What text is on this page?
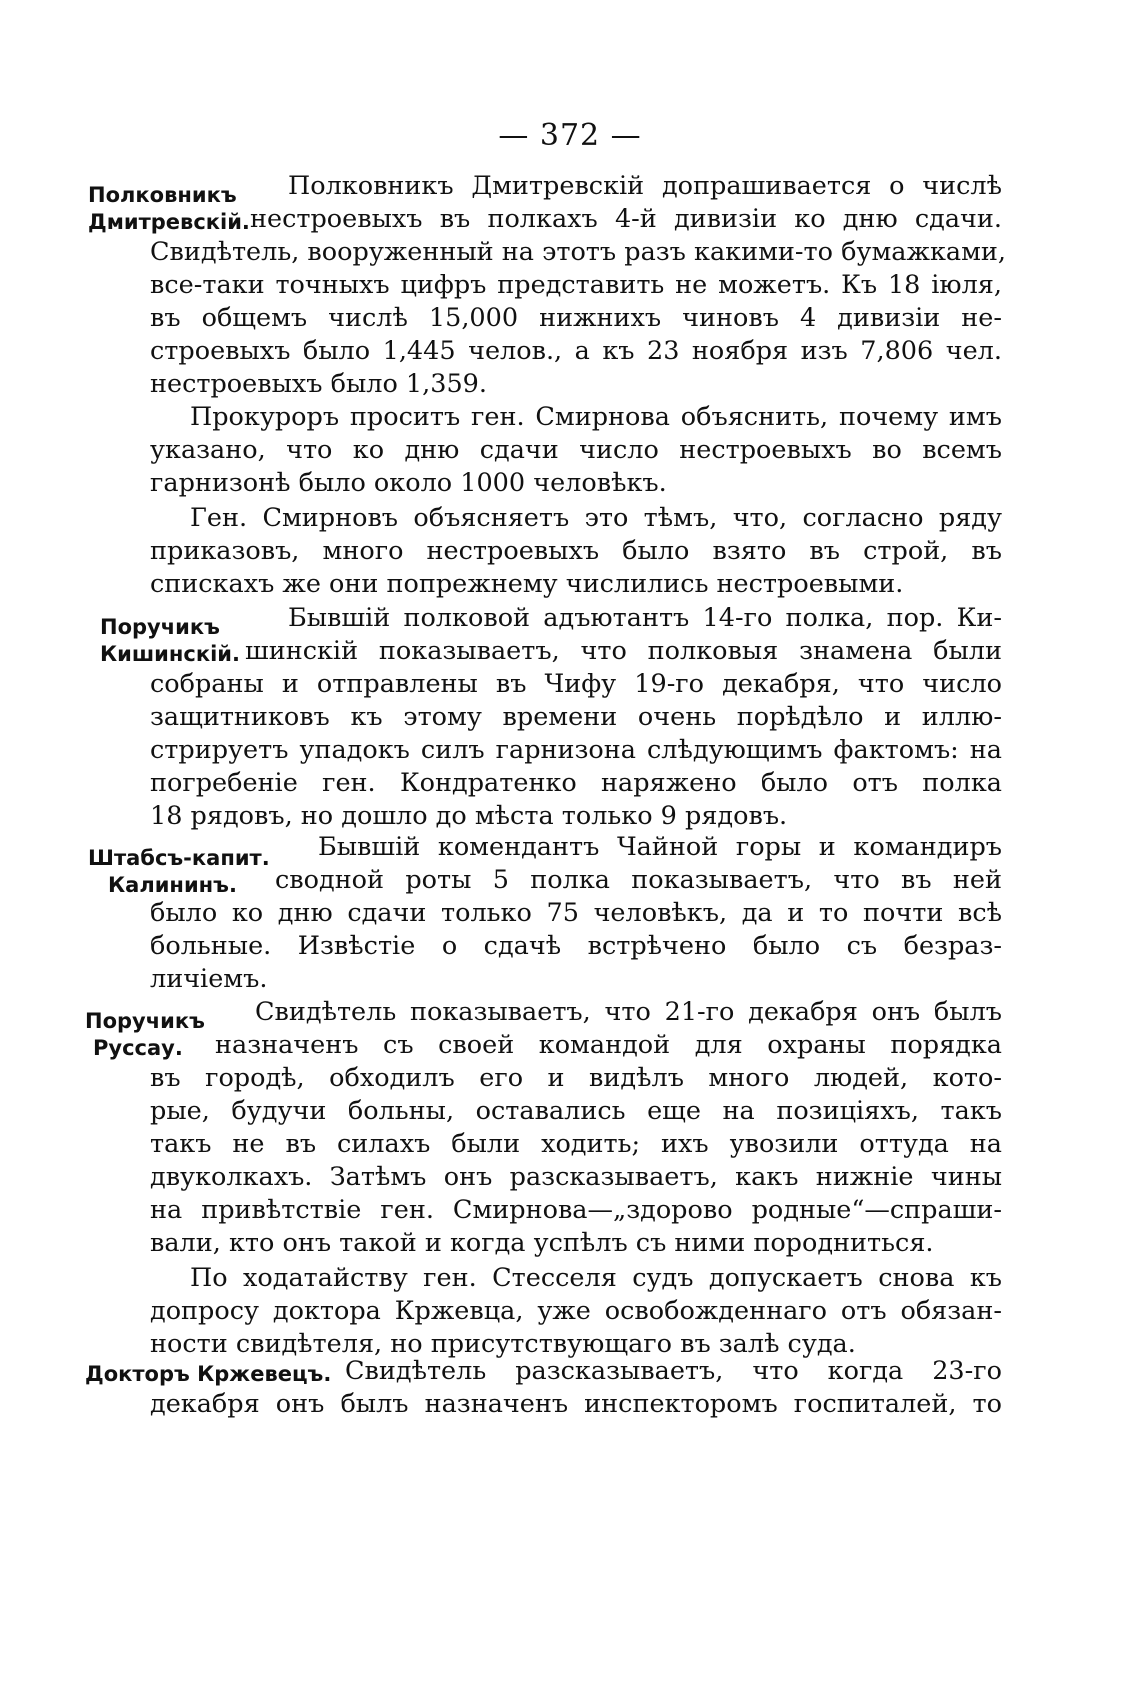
— 372 —
Полковникъ
Дмитревскій.
Полковникъ Дмитревскій допрашивается о числѣ
нестроевыхъ въ полкахъ 4-й дивизіи ко дню сдачи.
Свидѣтель, вооруженный на этотъ разъ какими-то бумажками,
все-таки точныхъ цифръ представить не можетъ. Къ 18 іюля,
въ общемъ числѣ 15,000 нижнихъ чиновъ 4 дивизіи не-
строевыхъ было 1,445 челов., а къ 23 ноября изъ 7,806 чел.
нестроевыхъ было 1,359.
Прокуроръ проситъ ген. Смирнова объяснить, почему имъ
указано, что ко дню сдачи число нестроевыхъ во всемъ
гарнизонѣ было около 1000 человѣкъ.
Ген. Смирновъ объясняетъ это тѣмъ, что, согласно ряду
приказовъ, много нестроевыхъ было взято въ строй, въ
спискахъ же они попрежнему числились нестроевыми.
Поручикъ
Кишинскій.
Бывшій полковой адъютантъ 14-го полка, пор. Ки-
шинскій показываетъ, что полковыя знамена были
собраны и отправлены въ Чифу 19-го декабря, что число
защитниковъ къ этому времени очень порѣдѣло и иллю-
стрируетъ упадокъ силъ гарнизона слѣдующимъ фактомъ: на
погребеніе ген. Кондратенко наряжено было отъ полка
18 рядовъ, но дошло до мѣста только 9 рядовъ.
Штабсъ-капит.
Калининъ.
Бывшій комендантъ Чайной горы и командиръ
сводной роты 5 полка показываетъ, что въ ней
было ко дню сдачи только 75 человѣкъ, да и то почти всѣ
больные. Извѣстіе о сдачѣ встрѣчено было съ безраз-
личіемъ.
Поручикъ
Руссау.
Свидѣтель показываетъ, что 21-го декабря онъ былъ
назначенъ съ своей командой для охраны порядка
въ городѣ, обходилъ его и видѣлъ много людей, кото-
рые, будучи больны, оставались еще на позиціяхъ, такъ
такъ не въ силахъ были ходить; ихъ увозили оттуда на
двуколкахъ. Затѣмъ онъ разсказываетъ, какъ нижніе чины
на привѣтствіе ген. Смирнова—„здорово родные“—спраши-
вали, кто онъ такой и когда успѣлъ съ ними породниться.
По ходатайству ген. Стесселя судъ допускаетъ снова къ
допросу доктора Кржевца, уже освобожденнаго отъ обязан-
ности свидѣтеля, но присутствующаго въ залѣ суда.
Докторъ Кржевецъ. Свидѣтель разсказываетъ, что когда 23-го
декабря онъ былъ назначенъ инспекторомъ госпиталей, то
